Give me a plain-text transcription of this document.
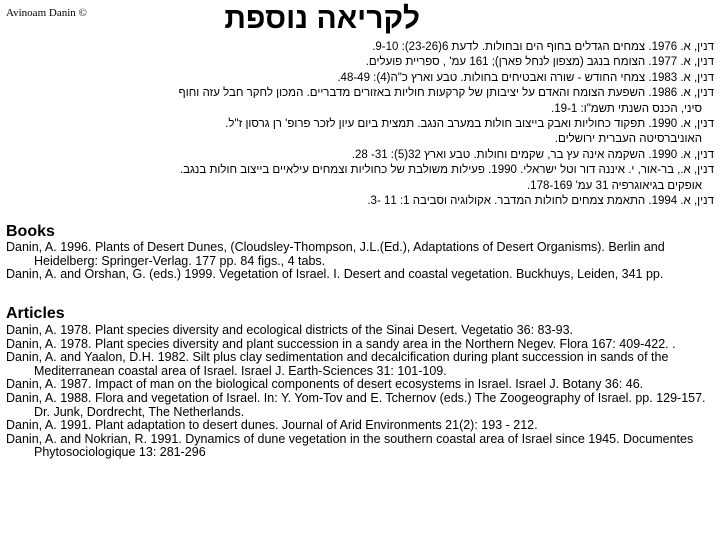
Avinoam Danin ©	לקריאה נוספת
דנין, א. 1976. צמחים הגדלים בחוף הים ובחולות. לדעת 6(23-26): 9-10.
דנין, א. 1977. הצומח בנגב (מצפון לנחל פארן); 161 עמ' , ספריית פועלים.
דנין, א. 1983. צמחי החודש - שורה ואבטיחים בחולות. טבע וארץ כ"ה(4): 48-49.
דנין, א. 1986. השפעת הצומח והאדם על יציבותן של קרקעות חוליות באזורים מדבריים. המכון לחקר חבל עזה וחוף
סיני, הכנס השנתי תשמ"ו: 19-1.
דנין, א. 1990. תפקוד כחוליות ואבק בייצוב חולות במערב הנגב. תמצית ביום עיון לזכר פרופ' רן גרסון ז"ל.
האוניברסיטה העברית ירושלים.
דנין, א. 1990. השקמה אינה עץ בר, שקמים וחולות. טבע וארץ 32(5): 31- 28.
דנין, א., בר-אור, י. איננה דור וטל ישראלי. 1990. פעילות משולבת של כחוליות וצמחים עילאיים בייצוב חולות בנגב.
אופקים בגיאוגרפיה 31 עמ' 178-169.
דנין, א. 1994. התאמת צמחים לחולות המדבר. אקולוגיה וסביבה 1: 11 -3.
Books
Danin, A. 1996. Plants of Desert Dunes, (Cloudsley-Thompson, J.L.(Ed.), Adaptations of Desert Organisms). Berlin and Heidelberg: Springer-Verlag. 177 pp. 84 figs., 4 tabs.
Danin, A. and Orshan, G. (eds.) 1999. Vegetation of Israel. I. Desert and coastal vegetation. Buckhuys, Leiden, 341 pp.
Articles
Danin, A. 1978. Plant species diversity and ecological districts of the Sinai Desert. Vegetatio 36: 83-93.
Danin, A. 1978. Plant species diversity and plant succession in a sandy area in the Northern Negev. Flora 167: 409-422. .
Danin, A. and Yaalon, D.H. 1982. Silt plus clay sedimentation and decalcification during plant succession in sands of the Mediterranean coastal area of Israel. Israel J. Earth-Sciences 31: 101-109.
Danin, A. 1987. Impact of man on the biological components of desert ecosystems in Israel. Israel J. Botany 36: 46.
Danin, A. 1988. Flora and vegetation of Israel. In: Y. Yom-Tov and E. Tchernov (eds.) The Zoogeography of Israel. pp. 129-157. Dr. Junk, Dordrecht, The Netherlands.
Danin, A. 1991. Plant adaptation to desert dunes. Journal of Arid Environments 21(2): 193 - 212.
Danin, A. and Nokrian, R. 1991. Dynamics of dune vegetation in the southern coastal area of Israel since 1945. Documentes Phytosociologique 13: 281-296
